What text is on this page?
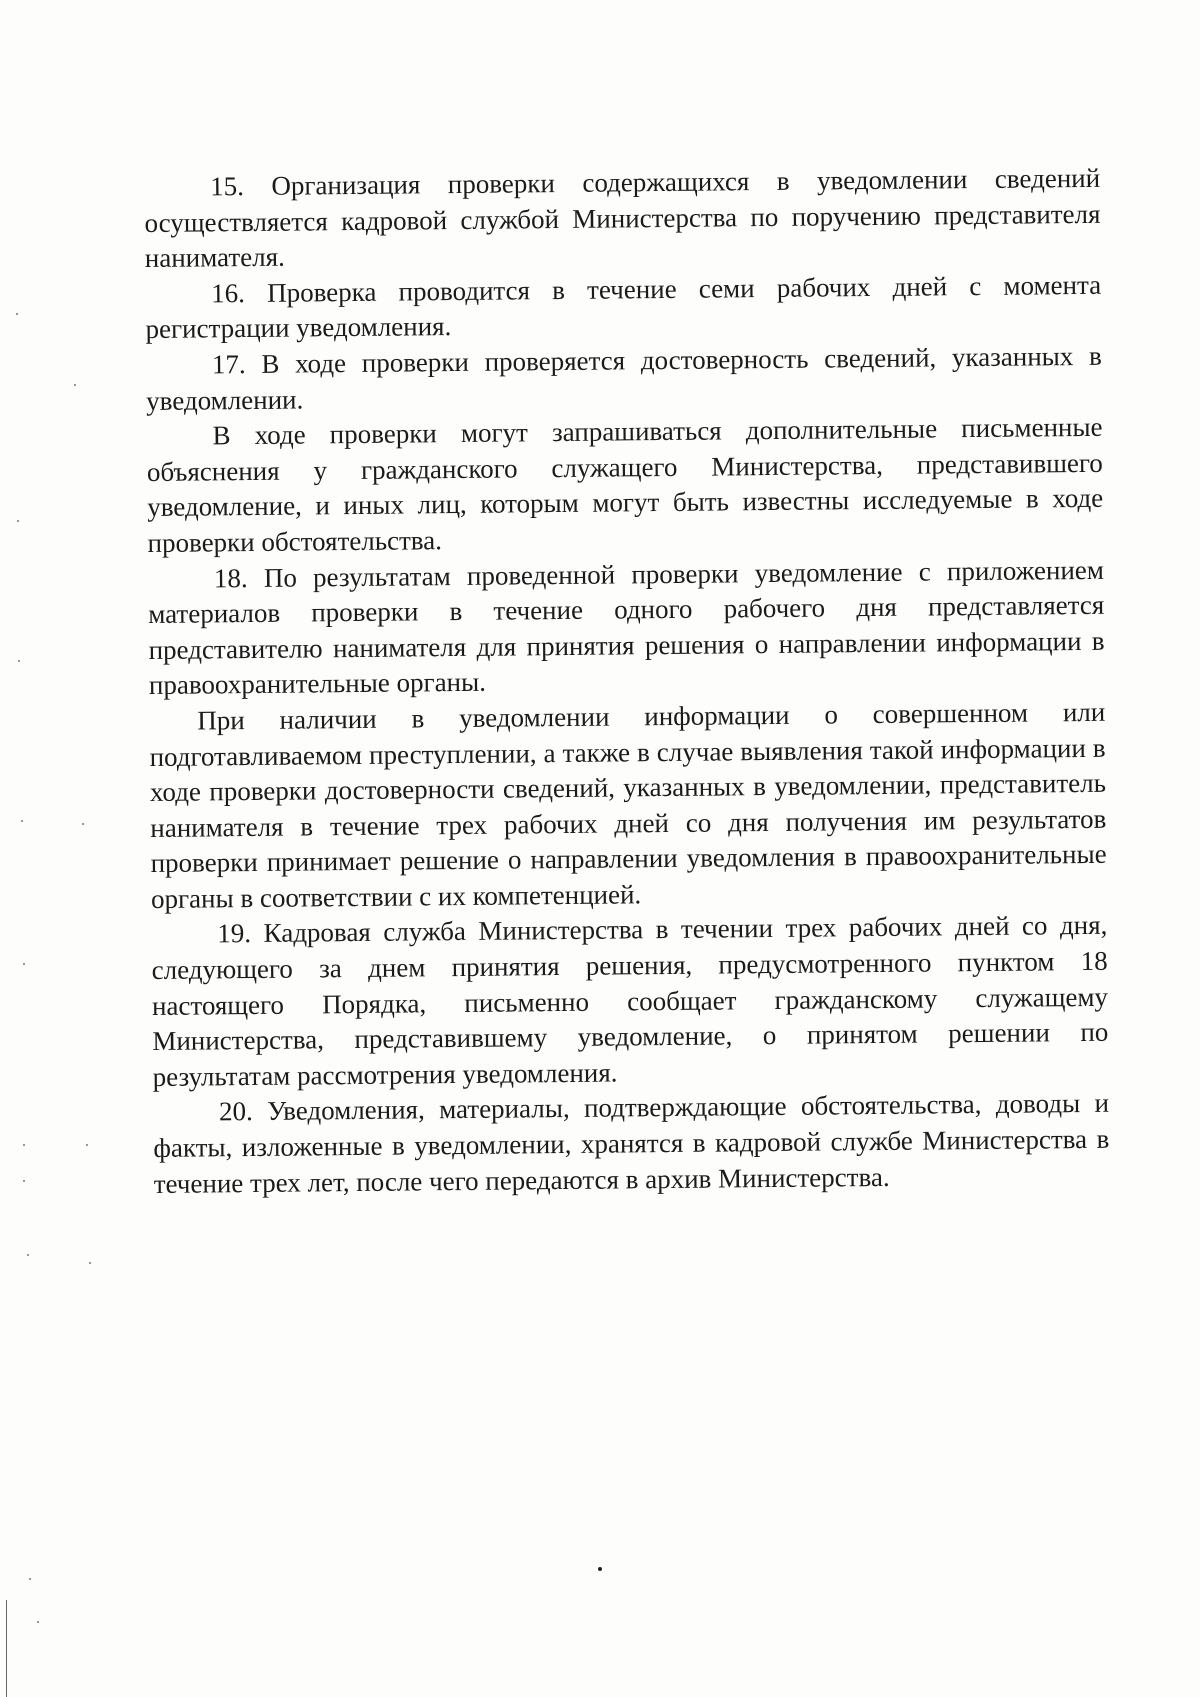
15. Организация проверки содержащихся в уведомлении сведений осуществляется кадровой службой Министерства по поручению представителя нанимателя.

16. Проверка проводится в течение семи рабочих дней с момента регистрации уведомления.

17. В ходе проверки проверяется достоверность сведений, указанных в уведомлении.

В ходе проверки могут запрашиваться дополнительные письменные объяснения у гражданского служащего Министерства, представившего уведомление, и иных лиц, которым могут быть известны исследуемые в ходе проверки обстоятельства.

18. По результатам проведенной проверки уведомление с приложением материалов проверки в течение одного рабочего дня представляется представителю нанимателя для принятия решения о направлении информации в правоохранительные органы.

При наличии в уведомлении информации о совершенном или подготавливаемом преступлении, а также в случае выявления такой информации в ходе проверки достоверности сведений, указанных в уведомлении, представитель нанимателя в течение трех рабочих дней со дня получения им результатов проверки принимает решение о направлении уведомления в правоохранительные органы в соответствии с их компетенцией.

19. Кадровая служба Министерства в течении трех рабочих дней со дня, следующего за днем принятия решения, предусмотренного пунктом 18 настоящего Порядка, письменно сообщает гражданскому служащему Министерства, представившему уведомление, о принятом решении по результатам рассмотрения уведомления.

20. Уведомления, материалы, подтверждающие обстоятельства, доводы и факты, изложенные в уведомлении, хранятся в кадровой службе Министерства в течение трех лет, после чего передаются в архив Министерства.
